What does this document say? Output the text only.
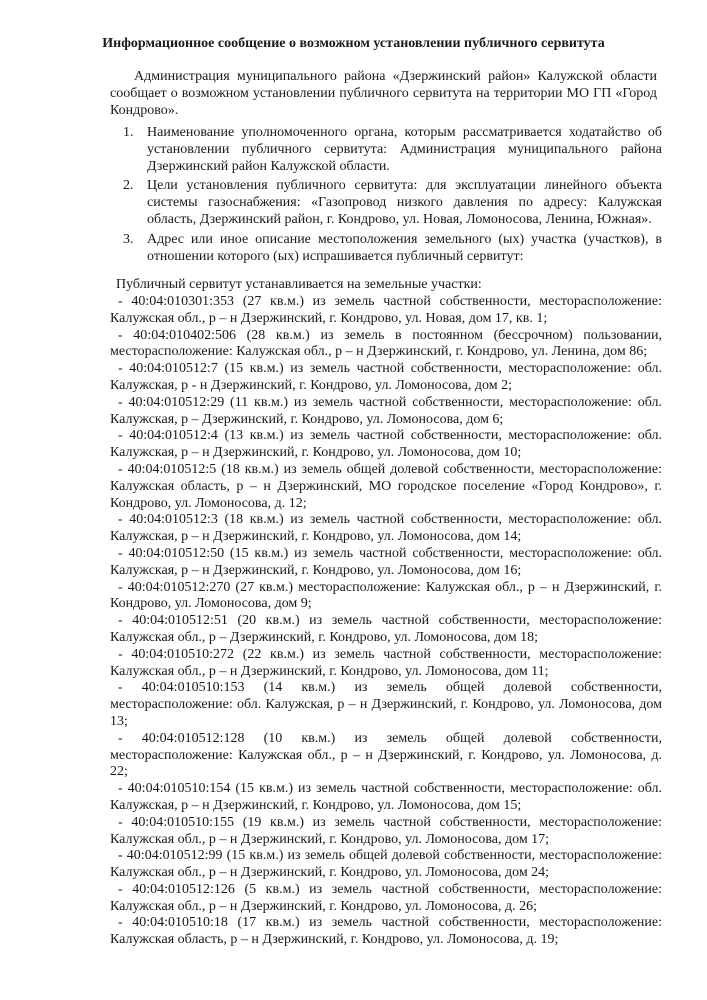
Информационное сообщение о возможном установлении публичного сервитута
Администрация муниципального района «Дзержинский район» Калужской области сообщает о возможном установлении публичного сервитута на территории МО ГП «Город Кондрово».
1. Наименование уполномоченного органа, которым рассматривается ходатайство об установлении публичного сервитута: Администрация муниципального района Дзержинский район Калужской области.
2. Цели установления публичного сервитута: для эксплуатации линейного объекта системы газоснабжения: «Газопровод низкого давления по адресу: Калужская область, Дзержинский район, г. Кондрово, ул. Новая, Ломоносова, Ленина, Южная».
3. Адрес или иное описание местоположения земельного (ых) участка (участков), в отношении которого (ых) испрашивается публичный сервитут:
Публичный сервитут устанавливается на земельные участки:
- 40:04:010301:353 (27 кв.м.) из земель частной собственности, месторасположение: Калужская обл., р – н Дзержинский, г. Кондрово, ул. Новая, дом 17, кв. 1;
- 40:04:010402:506 (28 кв.м.) из земель в постоянном (бессрочном) пользовании, месторасположение: Калужская обл., р – н Дзержинский, г. Кондрово, ул. Ленина, дом 86;
- 40:04:010512:7 (15 кв.м.) из земель частной собственности, месторасположение: обл. Калужская, р - н Дзержинский, г. Кондрово, ул. Ломоносова, дом 2;
- 40:04:010512:29 (11 кв.м.) из земель частной собственности, месторасположение: обл. Калужская, р – Дзержинский, г. Кондрово, ул. Ломоносова, дом 6;
- 40:04:010512:4 (13 кв.м.) из земель частной собственности, месторасположение: обл. Калужская, р – н Дзержинский, г. Кондрово, ул. Ломоносова, дом 10;
- 40:04:010512:5 (18 кв.м.) из земель общей долевой собственности, месторасположение: Калужская область, р – н Дзержинский, МО городское поселение «Город Кондрово», г. Кондрово, ул. Ломоносова, д. 12;
- 40:04:010512:3 (18 кв.м.) из земель частной собственности, месторасположение: обл. Калужская, р – н Дзержинский, г. Кондрово, ул. Ломоносова, дом 14;
- 40:04:010512:50 (15 кв.м.) из земель частной собственности, месторасположение: обл. Калужская, р – н Дзержинский, г. Кондрово, ул. Ломоносова, дом 16;
- 40:04:010512:270 (27 кв.м.) месторасположение: Калужская обл., р – н Дзержинский, г. Кондрово, ул. Ломоносова, дом 9;
- 40:04:010512:51 (20 кв.м.) из земель частной собственности, месторасположение: Калужская обл., р – Дзержинский, г. Кондрово, ул. Ломоносова, дом 18;
- 40:04:010510:272 (22 кв.м.) из земель частной собственности, месторасположение: Калужская обл., р – н Дзержинский, г. Кондрово, ул. Ломоносова, дом 11;
- 40:04:010510:153 (14 кв.м.) из земель общей долевой собственности, месторасположение: обл. Калужская, р – н Дзержинский, г. Кондрово, ул. Ломоносова, дом 13;
- 40:04:010512:128 (10 кв.м.) из земель общей долевой собственности, месторасположение: Калужская обл., р – н Дзержинский, г. Кондрово, ул. Ломоносова, д. 22;
- 40:04:010510:154 (15 кв.м.) из земель частной собственности, месторасположение: обл. Калужская, р – н Дзержинский, г. Кондрово, ул. Ломоносова, дом 15;
- 40:04:010510:155 (19 кв.м.) из земель частной собственности, месторасположение: Калужская обл., р – н Дзержинский, г. Кондрово, ул. Ломоносова, дом 17;
- 40:04:010512:99 (15 кв.м.) из земель общей долевой собственности, месторасположение: Калужская обл., р – н Дзержинский, г. Кондрово, ул. Ломоносова, дом 24;
- 40:04:010512:126 (5 кв.м.) из земель частной собственности, месторасположение: Калужская обл., р – н Дзержинский, г. Кондрово, ул. Ломоносова, д. 26;
- 40:04:010510:18 (17 кв.м.) из земель частной собственности, месторасположение: Калужская область, р – н Дзержинский, г. Кондрово, ул. Ломоносова, д. 19;
